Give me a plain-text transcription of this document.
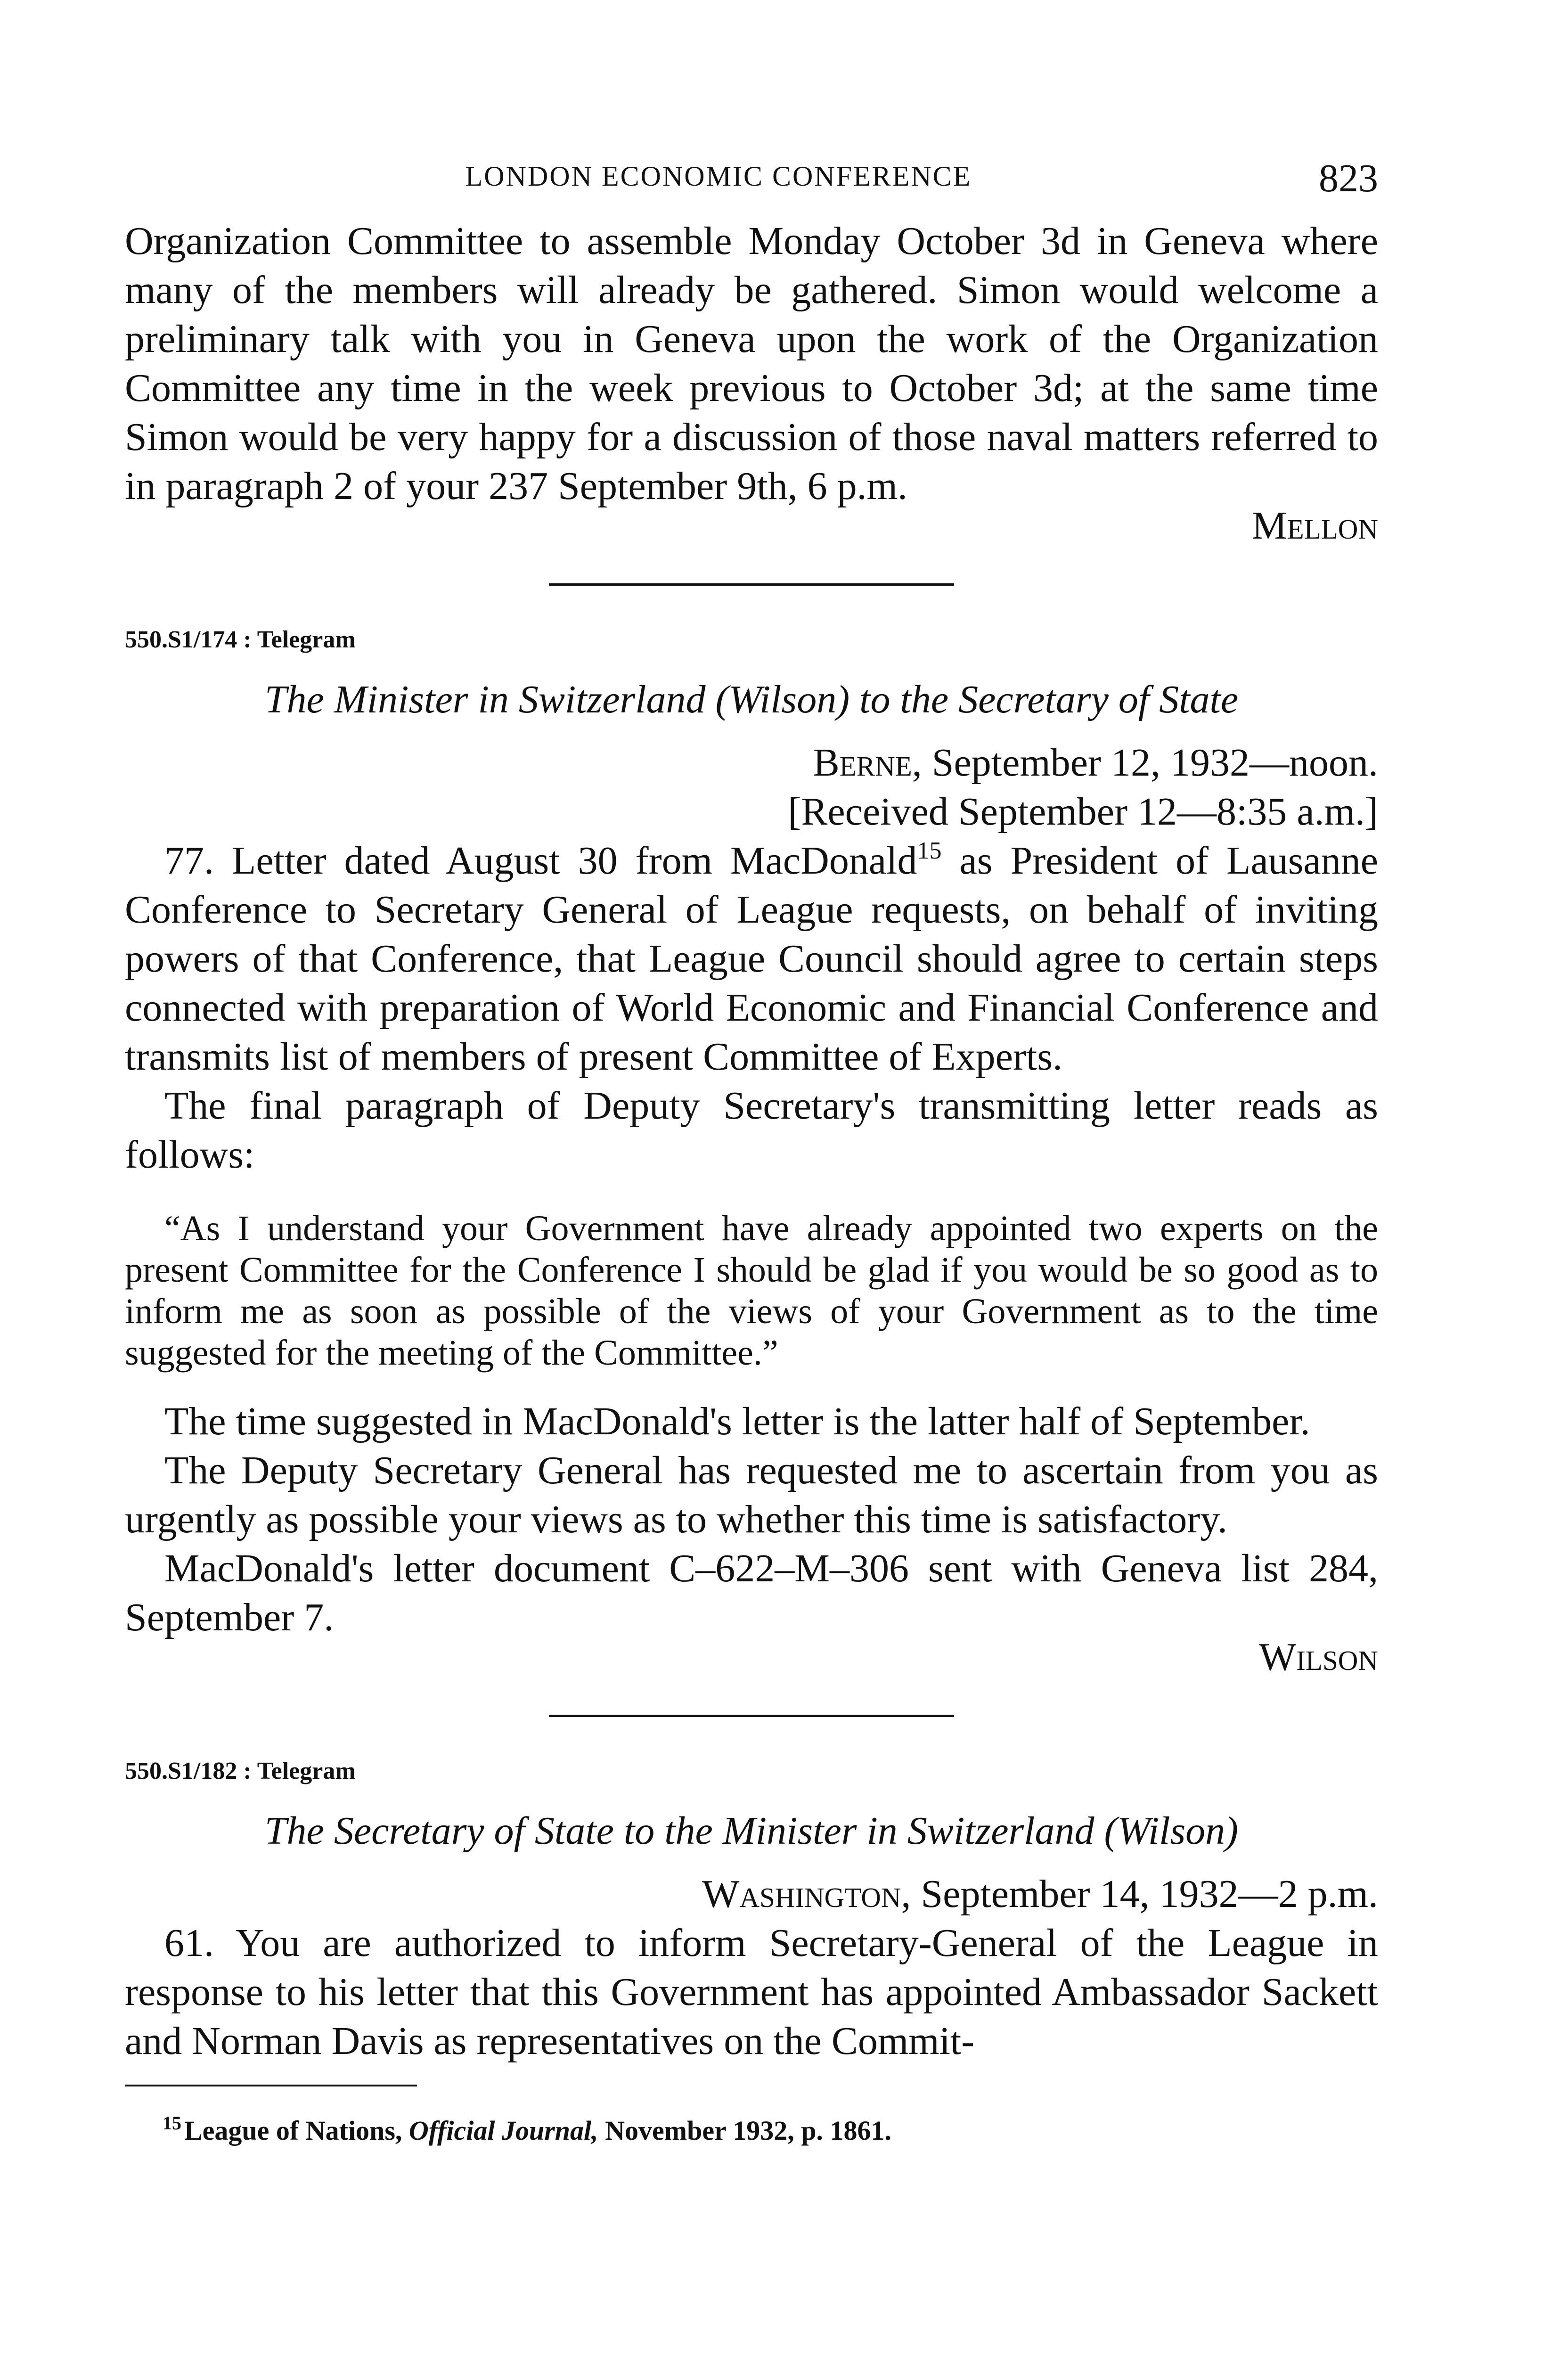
LONDON ECONOMIC CONFERENCE	823

Organization Committee to assemble Monday October 3d in Geneva where many of the members will already be gathered. Simon would welcome a preliminary talk with you in Geneva upon the work of the Organization Committee any time in the week previous to October 3d; at the same time Simon would be very happy for a discussion of those naval matters referred to in paragraph 2 of your 237 September 9th, 6 p.m.

Mellon
550.S1/174 : Telegram
The Minister in Switzerland (Wilson) to the Secretary of State
Berne, September 12, 1932—noon.
[Received September 12—8:35 a.m.]

77. Letter dated August 30 from MacDonald$^{15}$ as President of Lausanne Conference to Secretary General of League requests, on behalf of inviting powers of that Conference, that League Council should agree to certain steps connected with preparation of World Economic and Financial Conference and transmits list of members of present Committee of Experts.

The final paragraph of Deputy Secretary's transmitting letter reads as follows:

“As I understand your Government have already appointed two experts on the present Committee for the Conference I should be glad if you would be so good as to inform me as soon as possible of the views of your Government as to the time suggested for the meeting of the Committee.”

The time suggested in MacDonald's letter is the latter half of September.

The Deputy Secretary General has requested me to ascertain from you as urgently as possible your views as to whether this time is satisfactory.

MacDonald's letter document C–622–M–306 sent with Geneva list 284, September 7.

Wilson
550.S1/182 : Telegram
The Secretary of State to the Minister in Switzerland (Wilson)
Washington, September 14, 1932—2 p.m.

61. You are authorized to inform Secretary-General of the League in response to his letter that this Government has appointed Ambassador Sackett and Norman Davis as representatives on the Commit-

$^{15}$ League of Nations, Official Journal, November 1932, p. 1861.
